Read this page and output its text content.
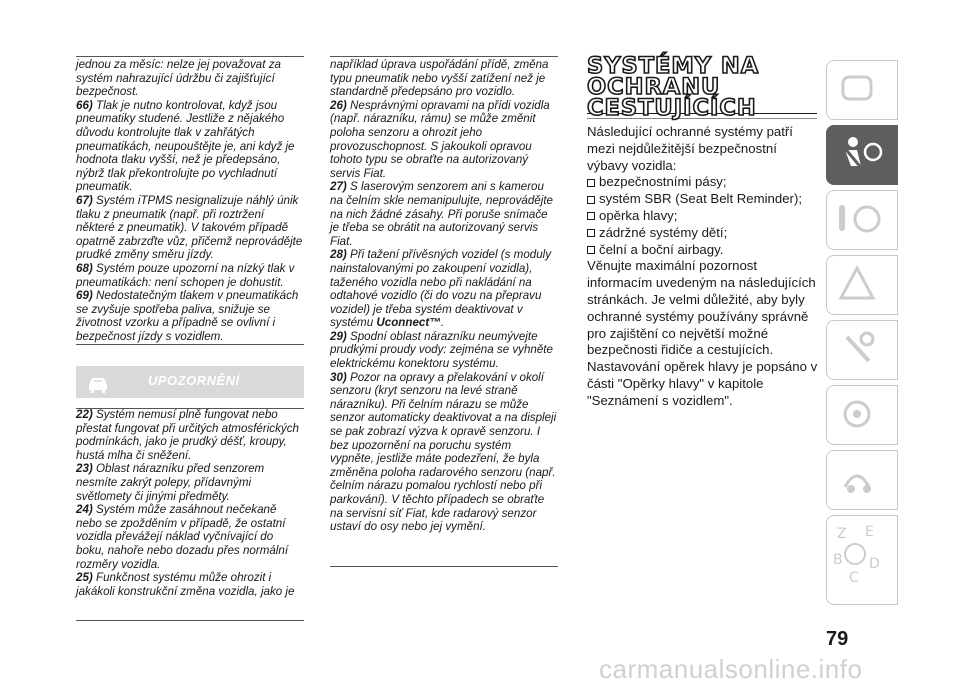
jednou za měsíc: nelze jej považovat za systém nahrazující údržbu či zajišťující bezpečnost.

66) Tlak je nutno kontrolovat, když jsou pneumatiky studené. Jestliže z nějakého důvodu kontrolujte tlak v zahřátých pneumatikách, neupouštějte je, ani když je hodnota tlaku vyšší, než je předepsáno, nýbrž tlak překontrolujte po vychladnutí pneumatik.

67) Systém iTPMS nesignalizuje náhlý únik tlaku z pneumatik (např. při roztržení některé z pneumatik). V takovém případě opatrně zabrzďte vůz, přičemž neprovádějte prudké změny směru jízdy.

68) Systém pouze upozorní na nízký tlak v pneumatikách: není schopen je dohustit.

69) Nedostatečným tlakem v pneumatikách se zvyšuje spotřeba paliva, snižuje se životnost vzorku a případně se ovlivní i bezpečnost jízdy s vozidlem.

UPOZORNĚNÍ

22) Systém nemusí plně fungovat nebo přestat fungovat při určitých atmosférických podmínkách, jako je prudký déšť, kroupy, hustá mlha či sněžení.

23) Oblast nárazníku před senzorem nesmíte zakrýt polepy, přídavnými světlomety či jinými předměty.

24) Systém může zasáhnout nečekaně nebo se zpožděním v případě, že ostatní vozidla převážejí náklad vyčnívající do boku, nahoře nebo dozadu přes normální rozměry vozidla.

25) Funkčnost systému může ohrozit i jakákoli konstrukční změna vozidla, jako je

například úprava uspořádání přídě, změna typu pneumatik nebo vyšší zatížení než je standardně předepsáno pro vozidlo.

26) Nesprávnými opravami na přídi vozidla (např. nárazníku, rámu) se může změnit poloha senzoru a ohrozit jeho provozuschopnost. S jakoukoli opravou tohoto typu se obraťte na autorizovaný servis Fiat.

27) S laserovým senzorem ani s kamerou na čelním skle nemanipulujte, neprovádějte na nich žádné zásahy. Při poruše snímače je třeba se obrátit na autorizovaný servis Fiat.

28) Při tažení přívěsných vozidel (s moduly nainstalovanými po zakoupení vozidla), taženého vozidla nebo při nakládání na odtahové vozidlo (či do vozu na přepravu vozidel) je třeba systém deaktivovat v systému Uconnect™.

29) Spodní oblast nárazníku neumývejte prudkými proudy vody: zejména se vyhněte elektrickému konektoru systému.

30) Pozor na opravy a přelakování v okolí senzoru (kryt senzoru na levé straně nárazníku). Při čelním nárazu se může senzor automaticky deaktivovat a na displeji se pak zobrazí výzva k opravě senzoru. I bez upozornění na poruchu systém vypněte, jestliže máte podezření, že byla změněna poloha radarového senzoru (např. čelním nárazu pomalou rychlostí nebo při parkování). V těchto případech se obraťte na servisní síť Fiat, kde radarový senzor ustaví do osy nebo jej vymění.

SYSTÉMY NA
OCHRANU
CESTUJÍCÍCH

Následující ochranné systémy patří mezi nejdůležitější bezpečnostní výbavy vozidla:

bezpečnostními pásy;

systém SBR (Seat Belt Reminder);

opěrka hlavy;

zádržné systémy dětí;

čelní a boční airbagy.

Věnujte maximální pozornost informacím uvedeným na následujících stránkách. Je velmi důležité, aby byly ochranné systémy používány správně pro zajištění co největší možné bezpečnosti řidiče a cestujících.

Nastavování opěrek hlavy je popsáno v části "Opěrky hlavy" v kapitole "Seznámení s vozidlem".

Z E
B D
C
79
carmanualsonline.info
